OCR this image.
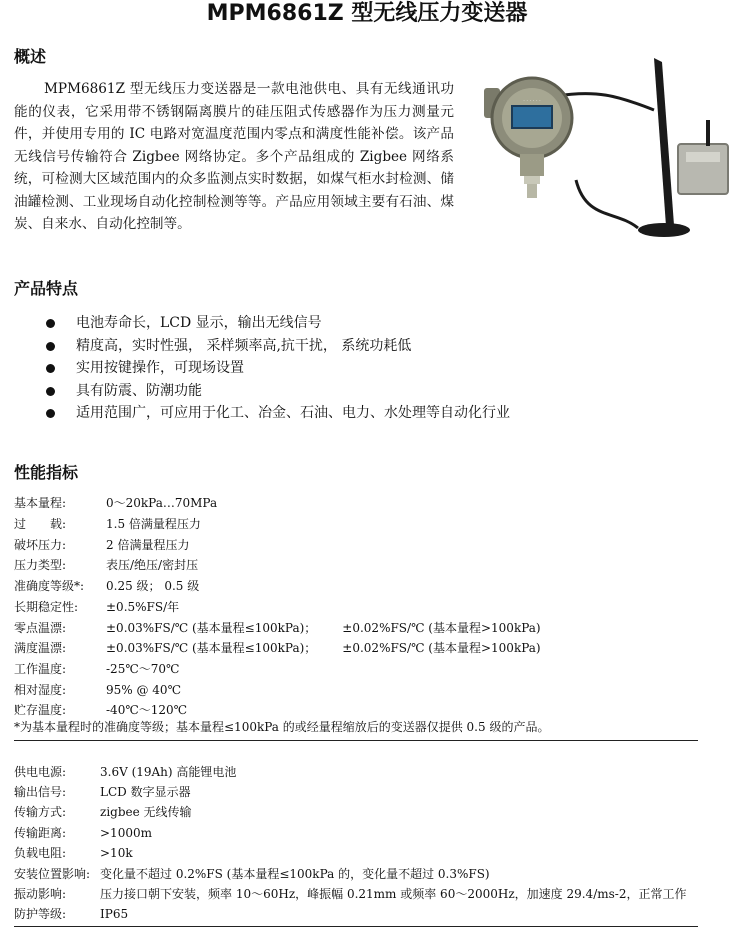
MPM6861Z 型无线压力变送器
概述
MPM6861Z 型无线压力变送器是一款电池供电、具有无线通讯功能的仪表，它采用带不锈钢隔离膜片的硅压阻式传感器作为压力测量元件，并使用专用的 IC 电路对宽温度范围内零点和满度性能补偿。该产品无线信号传输符合 Zigbee 网络协定。多个产品组成的 Zigbee 网络系统，可检测大区域范围内的众多监测点实时数据，如煤气柜水封检测、储油罐检测、工业现场自动化控制检测等等。产品应用领域主要有石油、煤炭、自来水、自动化控制等。
· · · · · ·
产品特点
电池寿命长，LCD 显示，输出无线信号
精度高，实时性强， 采样频率高,抗干扰， 系统功耗低
实用按键操作，可现场设置
具有防震、防潮功能
适用范围广，可应用于化工、冶金、石油、电力、水处理等自动化行业
性能指标
基本量程:	0～20kPa…70MPa
过　　载:	1.5 倍满量程压力
破坏压力:	2 倍满量程压力
压力类型:	表压/绝压/密封压
准确度等级*: 0.25 级； 0.5 级
长期稳定性: ±0.5%FS/年
零点温漂:	±0.03%FS/℃ (基本量程≤100kPa)； ±0.02%FS/℃ (基本量程>100kPa)
满度温漂:	±0.03%FS/℃ (基本量程≤100kPa)； ±0.02%FS/℃ (基本量程>100kPa)
工作温度:	-25℃～70℃
相对湿度:	95% @ 40℃
贮存温度:	-40℃～120℃
*为基本量程时的准确度等级；基本量程≤100kPa 的或经量程缩放后的变送器仅提供 0.5 级的产品。
供电电源:	3.6V (19Ah) 高能锂电池
输出信号:	LCD 数字显示器
传输方式:	zigbee 无线传输
传输距离:	>1000m
负载电阻:	>10k
安装位置影响: 变化量不超过 0.2%FS (基本量程≤100kPa 的，变化量不超过 0.3%FS)
振动影响:	压力接口朝下安装，频率 10～60Hz，峰振幅 0.21mm 或频率 60～2000Hz，加速度 29.4/ms-2，正常工作
防护等级:	IP65
